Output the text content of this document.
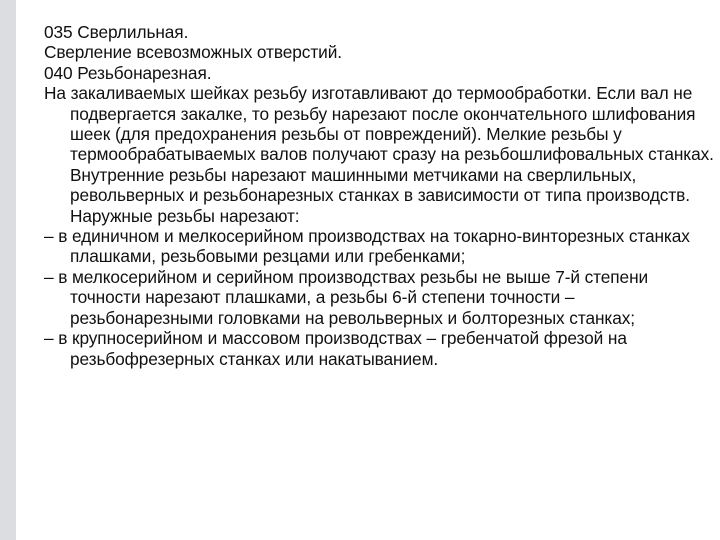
035 Сверлильная.

Сверление всевозможных отверстий.

040 Резьбонарезная.

На закаливаемых шейках резьбу изготавливают до термообработки. Если вал не подвергается закалке, то резьбу нарезают после окончательного шлифования шеек (для предохранения резьбы от повреждений). Мелкие резьбы у термообрабатываемых валов получают сразу на резьбошлифовальных станках. Внутренние резьбы нарезают машинными метчиками на сверлильных, револьверных и резьбонарезных станках в зависимости от типа производств. Наружные резьбы нарезают:

– в единичном и мелкосерийном производствах на токарно-винторезных станках плашками, резьбовыми резцами или гребенками;

– в мелкосерийном и серийном производствах резьбы не выше 7-й степени точности нарезают плашками, а резьбы 6-й степени точности – резьбонарезными головками на револьверных и болторезных станках;

– в крупносерийном и массовом производствах – гребенчатой фрезой на резьбофрезерных станках или накатыванием.
